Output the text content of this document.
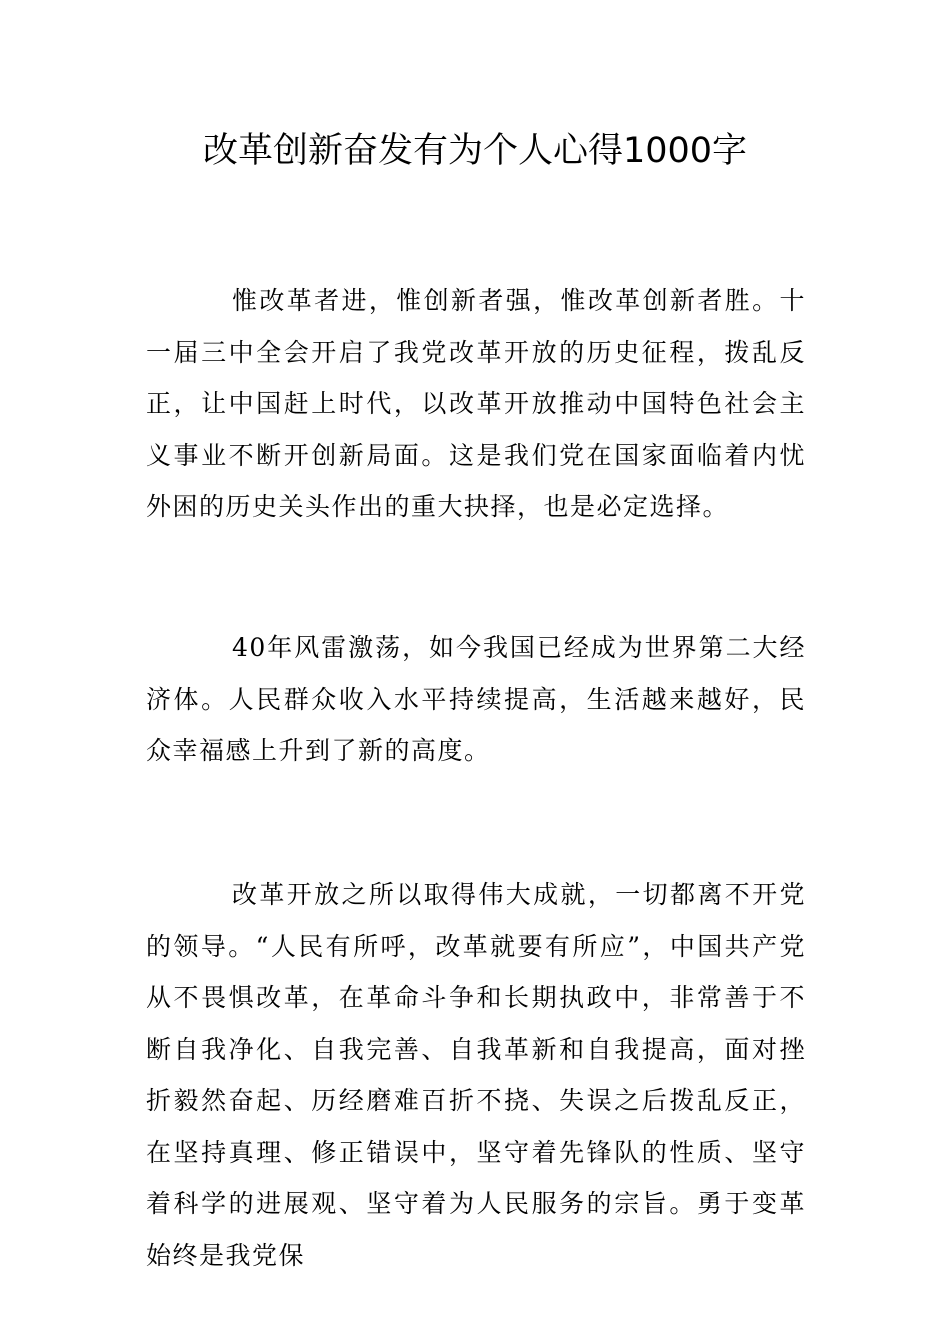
改革创新奋发有为个人心得1000字

惟改革者进，惟创新者强，惟改革创新者胜。十一届三中全会开启了我党改革开放的历史征程，拨乱反正，让中国赶上时代，以改革开放推动中国特色社会主义事业不断开创新局面。这是我们党在国家面临着内忧外困的历史关头作出的重大抉择，也是必定选择。

40年风雷激荡，如今我国已经成为世界第二大经济体。人民群众收入水平持续提高，生活越来越好，民众幸福感上升到了新的高度。

改革开放之所以取得伟大成就，一切都离不开党的领导。“人民有所呼，改革就要有所应”，中国共产党从不畏惧改革，在革命斗争和长期执政中，非常善于不断自我净化、自我完善、自我革新和自我提高，面对挫折毅然奋起、历经磨难百折不挠、失误之后拨乱反正，在坚持真理、修正错误中，坚守着先锋队的性质、坚守着科学的进展观、坚守着为人民服务的宗旨。勇于变革始终是我党保
